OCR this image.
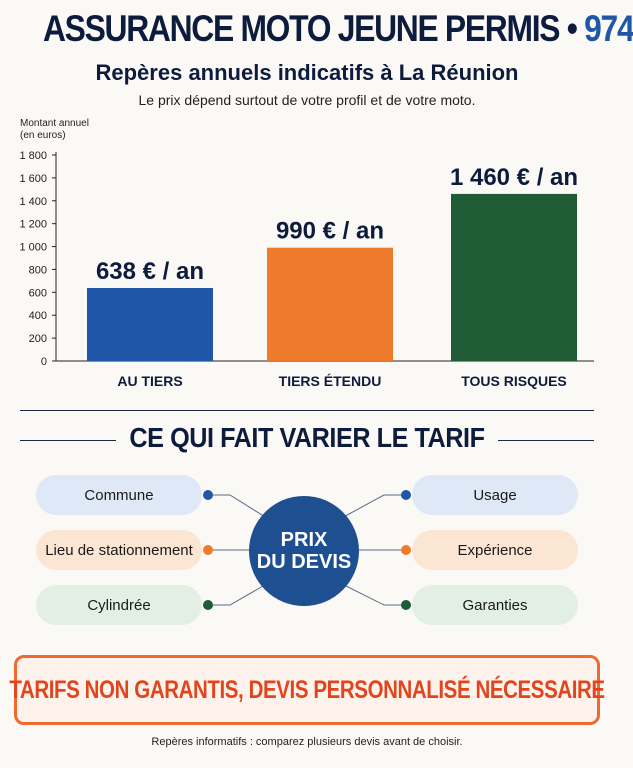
ASSURANCE MOTO JEUNE PERMIS • 974
Repères annuels indicatifs à La Réunion
Le prix dépend surtout de votre profil et de votre moto.
Montant annuel
(en euros)
0
200
400
600
800
1 000
1 200
1 400
1 600
1 800
638 € / an
AU TIERS
990 € / an
TIERS ÉTENDU
1 460 € / an
TOUS RISQUES
CE QUI FAIT VARIER LE TARIF
Commune
Lieu de stationnement
Cylindrée
Usage
Expérience
Garanties
PRIX
DU DEVIS
TARIFS NON GARANTIS, DEVIS PERSONNALISÉ NÉCESSAIRE
Repères informatifs : comparez plusieurs devis avant de choisir.
